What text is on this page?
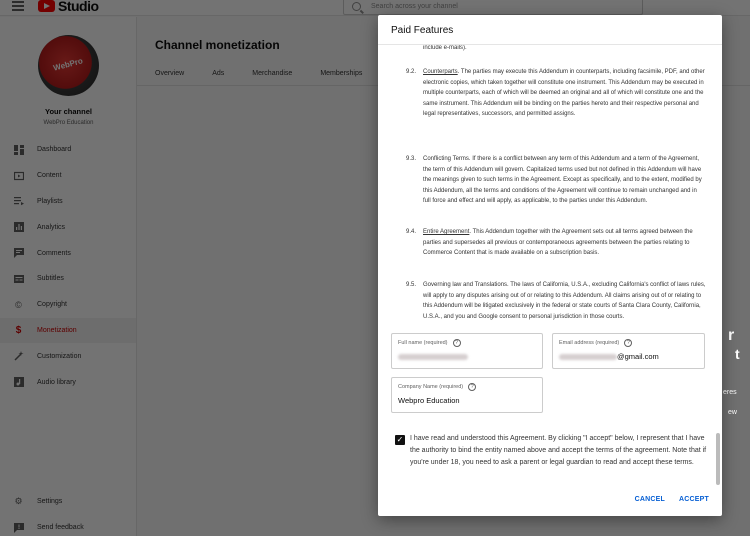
r
t
eres
ew
Paid Features
include e-mails).
9.2. Counterparts. The parties may execute this Addendum in counterparts, including facsimile, PDF, and other electronic copies, which taken together will constitute one instrument. This Addendum may be executed in multiple counterparts, each of which will be deemed an original and all of which will constitute one and the same instrument. This Addendum will be binding on the parties hereto and their respective personal and legal representatives, successors, and permitted assigns.
9.3. Conflicting Terms. If there is a conflict between any term of this Addendum and a term of the Agreement, the term of this Addendum will govern. Capitalized terms used but not defined in this Addendum will have the meanings given to such terms in the Agreement. Except as specifically, and to the extent, modified by this Addendum, all the terms and conditions of the Agreement will continue to remain unchanged and in full force and effect and will apply, as applicable, to the parties under this Addendum.
9.4. Entire Agreement. This Addendum together with the Agreement sets out all terms agreed between the parties and supersedes all previous or contemporaneous agreements between the parties relating to Commerce Content that is made available on a subscription basis.
9.5. Governing law and Translations. The laws of California, U.S.A., excluding California's conflict of laws rules, will apply to any disputes arising out of or relating to this Addendum. All claims arising out of or relating to this Addendum will be litigated exclusively in the federal or state courts of Santa Clara County, California, U.S.A., and you and Google consent to personal jurisdiction in those courts.
Full name (required)	?	Email address (required)	?
@gmail.com
Company Name (required)	?
Webpro Education
✓ I have read and understood this Agreement. By clicking "I accept" below, I represent that I have the authority to bind the entity named above and accept the terms of the agreement. Note that if you're under 18, you need to ask a parent or legal guardian to read and accept these terms.
CANCEL ACCEPT
